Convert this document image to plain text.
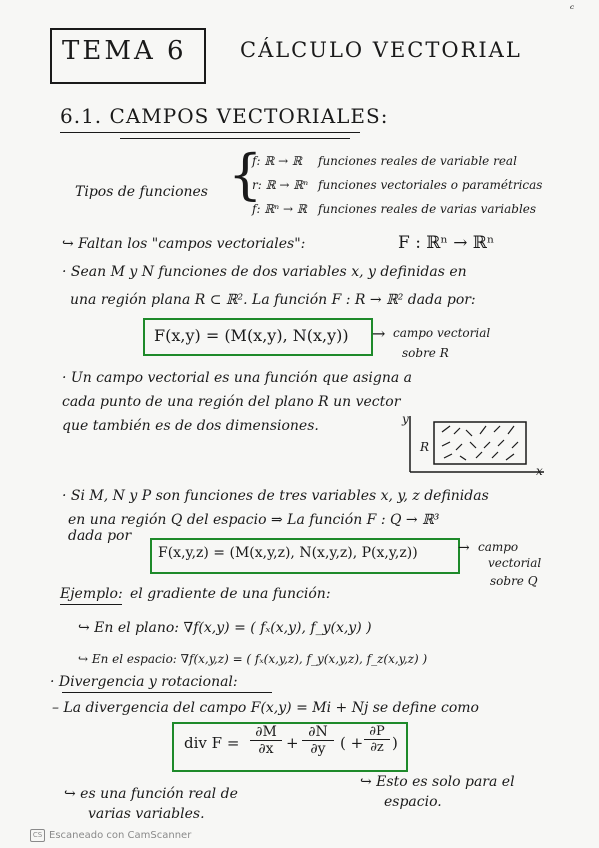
TEMA 6	CÁLCULO VECTORIAL
ᶜ
6.1. CAMPOS VECTORIALES:
Tipos de funciones {
f: ℝ → ℝ funciones reales de variable real
r: ℝ → ℝⁿ funciones vectoriales o paramétricas
f: ℝⁿ → ℝ funciones reales de varias variables
↪ Faltan los "campos vectoriales":	F : ℝⁿ → ℝⁿ
· Sean M y N funciones de dos variables x, y definidas en
una región plana R ⊂ ℝ². La función F : R → ℝ² dada por:
F(x,y) = (M(x,y), N(x,y)) → campo vectorial
sobre R
· Un campo vectorial es una función que asigna a
cada punto de una región del plano R un vector
que también es de dos dimensiones.	y
x
R
· Si M, N y P son funciones de tres variables x, y, z definidas
en una región Q del espacio ⇒ La función F : Q → ℝ³
dada por
F(x,y,z) = (M(x,y,z), N(x,y,z), P(x,y,z))	→ campo
vectorial
sobre Q
Ejemplo: el gradiente de una función:
↪ En el plano: ∇f(x,y) = ( fₓ(x,y), f_y(x,y) )
↪ En el espacio: ∇f(x,y,z) = ( fₓ(x,y,z), f_y(x,y,z), f_z(x,y,z) )
· Divergencia y rotacional:
– La divergencia del campo F(x,y) = Mi + Nj se define como
div F =
∂M
∂x +
∂N
∂y ( +
∂P
∂z )
↪ es una función real de
varias variables.
↪ Esto es solo para el
espacio.
CS Escaneado con CamScanner
